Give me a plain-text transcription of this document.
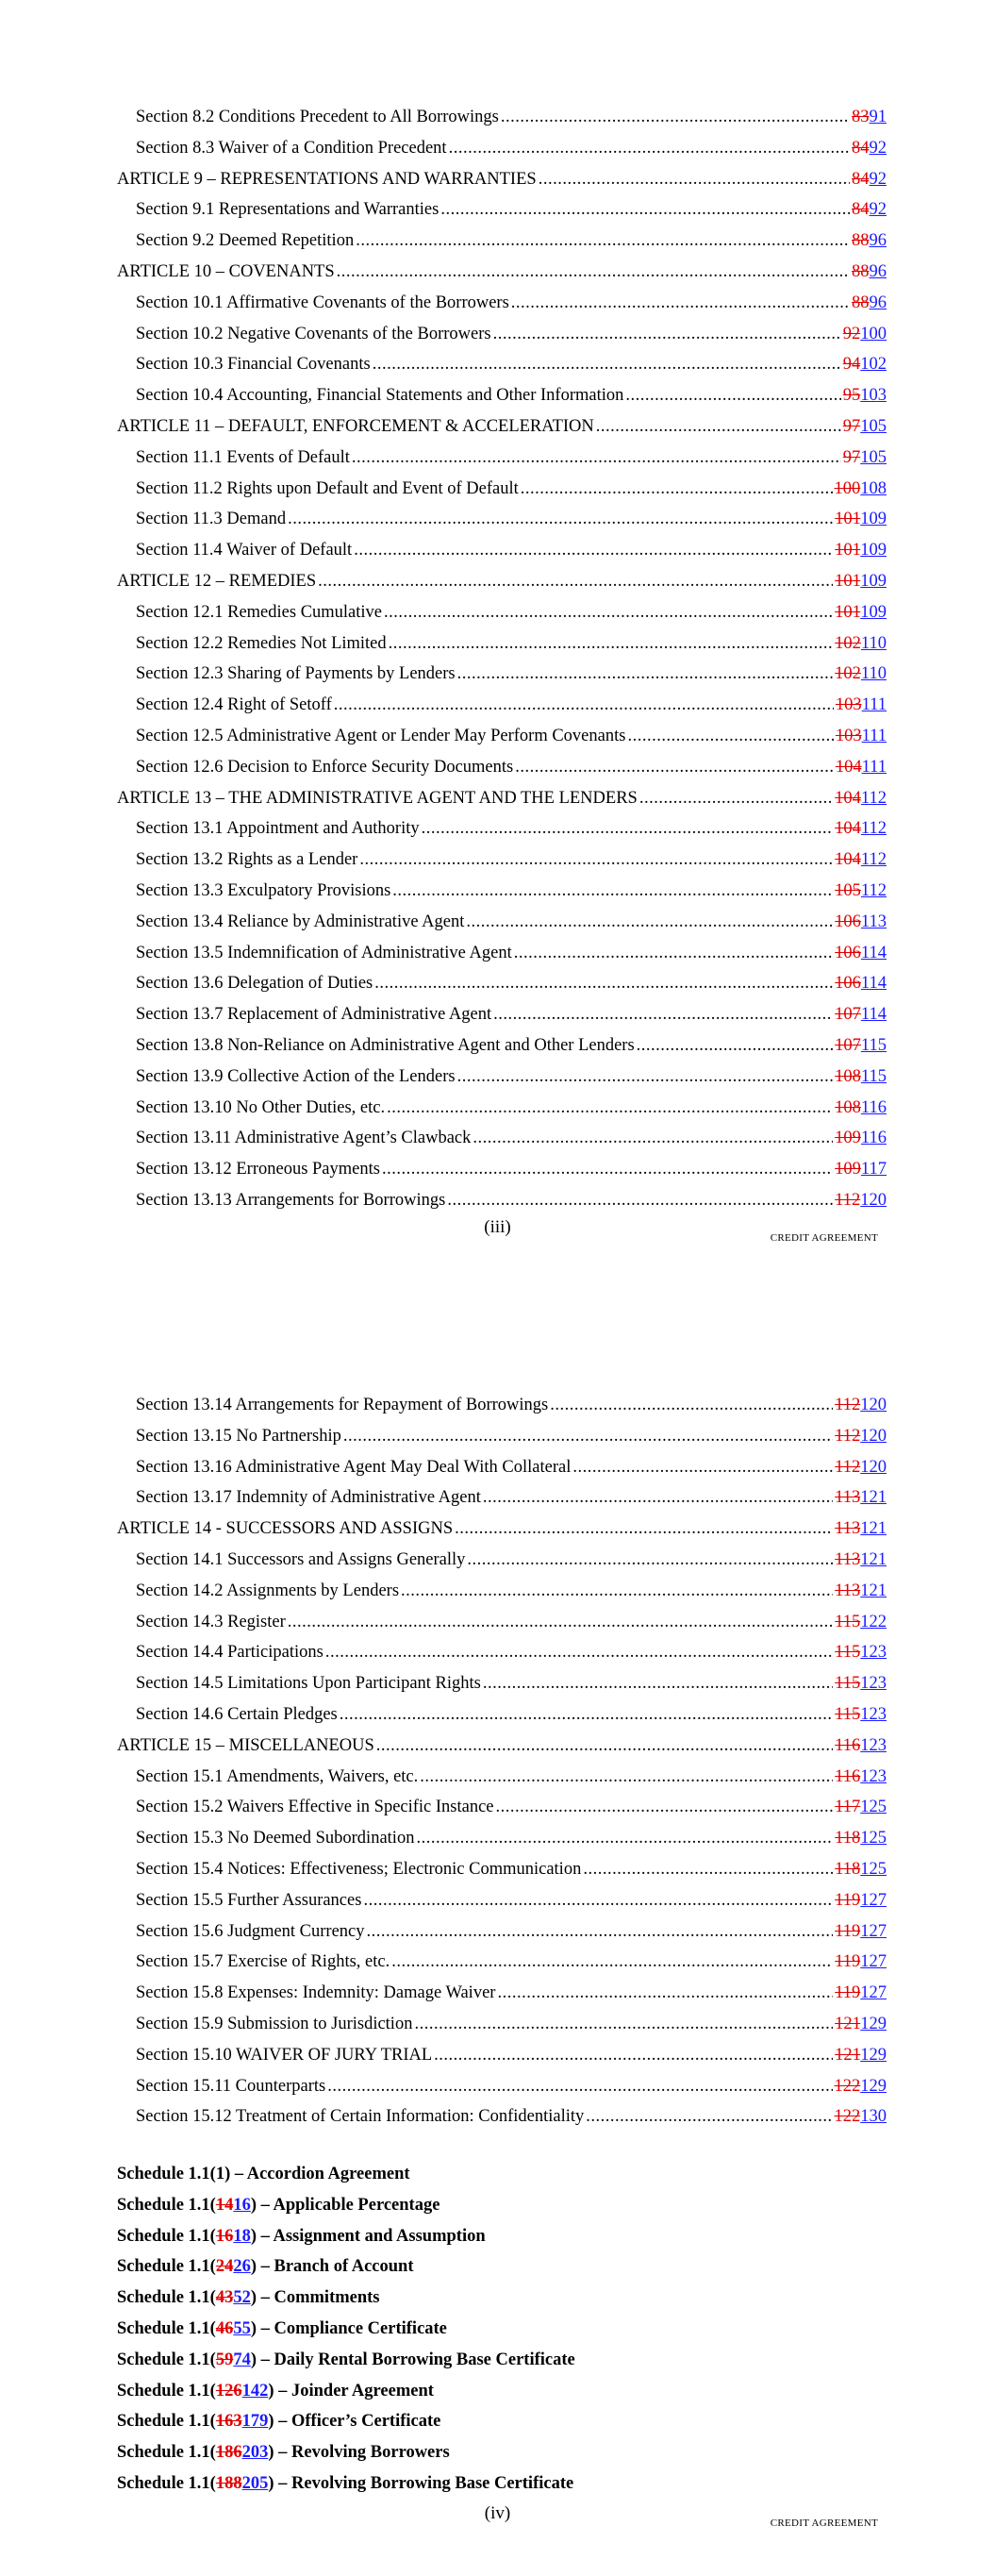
Section 8.2 Conditions Precedent to All Borrowings .....	8391
Section 8.3 Waiver of a Condition Precedent .....	8492
ARTICLE 9 – REPRESENTATIONS AND WARRANTIES .....	8492
Section 9.1 Representations and Warranties .....	8492
Section 9.2 Deemed Repetition .....	8896
ARTICLE 10 – COVENANTS .....	8896
Section 10.1 Affirmative Covenants of the Borrowers .....	8896
Section 10.2 Negative Covenants of the Borrowers .....	92100
Section 10.3 Financial Covenants .....	94102
Section 10.4 Accounting, Financial Statements and Other Information .....	95103
ARTICLE 11 – DEFAULT, ENFORCEMENT & ACCELERATION .....	97105
Section 11.1 Events of Default .....	97105
Section 11.2 Rights upon Default and Event of Default .....	100108
Section 11.3 Demand .....	101109
Section 11.4 Waiver of Default .....	101109
ARTICLE 12 – REMEDIES .....	101109
Section 12.1 Remedies Cumulative .....	101109
Section 12.2 Remedies Not Limited .....	102110
Section 12.3 Sharing of Payments by Lenders .....	102110
Section 12.4 Right of Setoff .....	103111
Section 12.5 Administrative Agent or Lender May Perform Covenants .....	103111
Section 12.6 Decision to Enforce Security Documents .....	104111
ARTICLE 13 – THE ADMINISTRATIVE AGENT AND THE LENDERS .....	104112
Section 13.1 Appointment and Authority .....	104112
Section 13.2 Rights as a Lender .....	104112
Section 13.3 Exculpatory Provisions .....	105112
Section 13.4 Reliance by Administrative Agent .....	106113
Section 13.5 Indemnification of Administrative Agent .....	106114
Section 13.6 Delegation of Duties .....	106114
Section 13.7 Replacement of Administrative Agent .....	107114
Section 13.8 Non-Reliance on Administrative Agent and Other Lenders .....	107115
Section 13.9 Collective Action of the Lenders .....	108115
Section 13.10 No Other Duties, etc. .....	108116
Section 13.11 Administrative Agent’s Clawback .....	109116
Section 13.12 Erroneous Payments .....	109117
Section 13.13 Arrangements for Borrowings .....	112120
(iii)
CREDIT AGREEMENT
Section 13.14 Arrangements for Repayment of Borrowings .....	112120
Section 13.15 No Partnership .....	112120
Section 13.16 Administrative Agent May Deal With Collateral .....	112120
Section 13.17 Indemnity of Administrative Agent .....	113121
ARTICLE 14 - SUCCESSORS AND ASSIGNS .....	113121
Section 14.1 Successors and Assigns Generally .....	113121
Section 14.2 Assignments by Lenders .....	113121
Section 14.3 Register .....	115122
Section 14.4 Participations .....	115123
Section 14.5 Limitations Upon Participant Rights .....	115123
Section 14.6 Certain Pledges .....	115123
ARTICLE 15 – MISCELLANEOUS .....	116123
Section 15.1 Amendments, Waivers, etc. .....	116123
Section 15.2 Waivers Effective in Specific Instance .....	117125
Section 15.3 No Deemed Subordination .....	118125
Section 15.4 Notices: Effectiveness; Electronic Communication .....	118125
Section 15.5 Further Assurances .....	119127
Section 15.6 Judgment Currency .....	119127
Section 15.7 Exercise of Rights, etc. .....	119127
Section 15.8 Expenses: Indemnity: Damage Waiver .....	119127
Section 15.9 Submission to Jurisdiction .....	121129
Section 15.10 WAIVER OF JURY TRIAL .....	121129
Section 15.11 Counterparts .....	122129
Section 15.12 Treatment of Certain Information: Confidentiality .....	122130
Schedule 1.1(1) – Accordion Agreement
Schedule 1.1(1416) – Applicable Percentage
Schedule 1.1(1618) – Assignment and Assumption
Schedule 1.1(2426) – Branch of Account
Schedule 1.1(4352) – Commitments
Schedule 1.1(4655) – Compliance Certificate
Schedule 1.1(5974) – Daily Rental Borrowing Base Certificate
Schedule 1.1(126142) – Joinder Agreement
Schedule 1.1(163179) – Officer’s Certificate
Schedule 1.1(186203) – Revolving Borrowers
Schedule 1.1(188205) – Revolving Borrowing Base Certificate
(iv)	CREDIT AGREEMENT
